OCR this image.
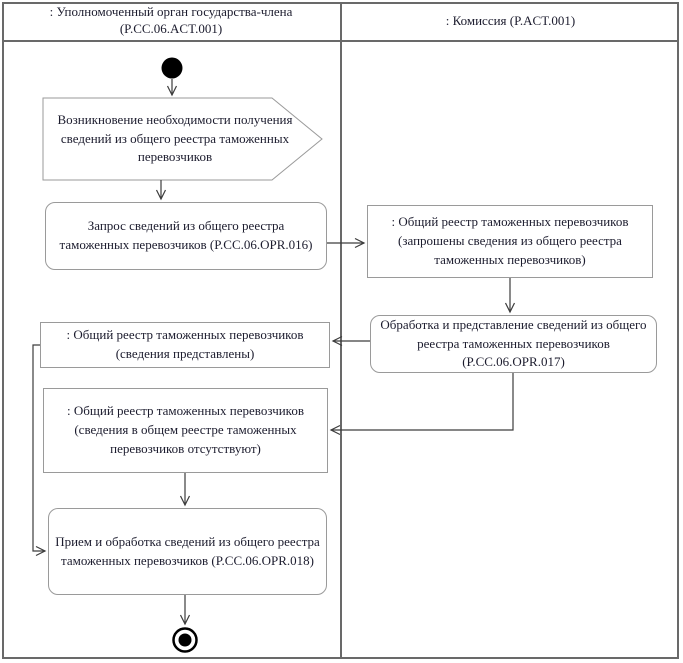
: Уполномоченный орган государства-члена (P.CC.06.ACT.001)
: Комиссия (P.ACT.001)
Возникновение необходимости получения сведений из общего реестра таможенных перевозчиков
Запрос сведений из общего реестра таможенных перевозчиков (P.CC.06.OPR.016)
: Общий реестр таможенных перевозчиков (запрошены сведения из общего реестра таможенных перевозчиков)
Обработка и представление сведений из общего реестра таможенных перевозчиков (P.CC.06.OPR.017)
: Общий реестр таможенных перевозчиков (сведения представлены)
: Общий реестр таможенных перевозчиков (сведения в общем реестре таможенных перевозчиков отсутствуют)
Прием и обработка сведений из общего реестра таможенных перевозчиков (P.CC.06.OPR.018)
